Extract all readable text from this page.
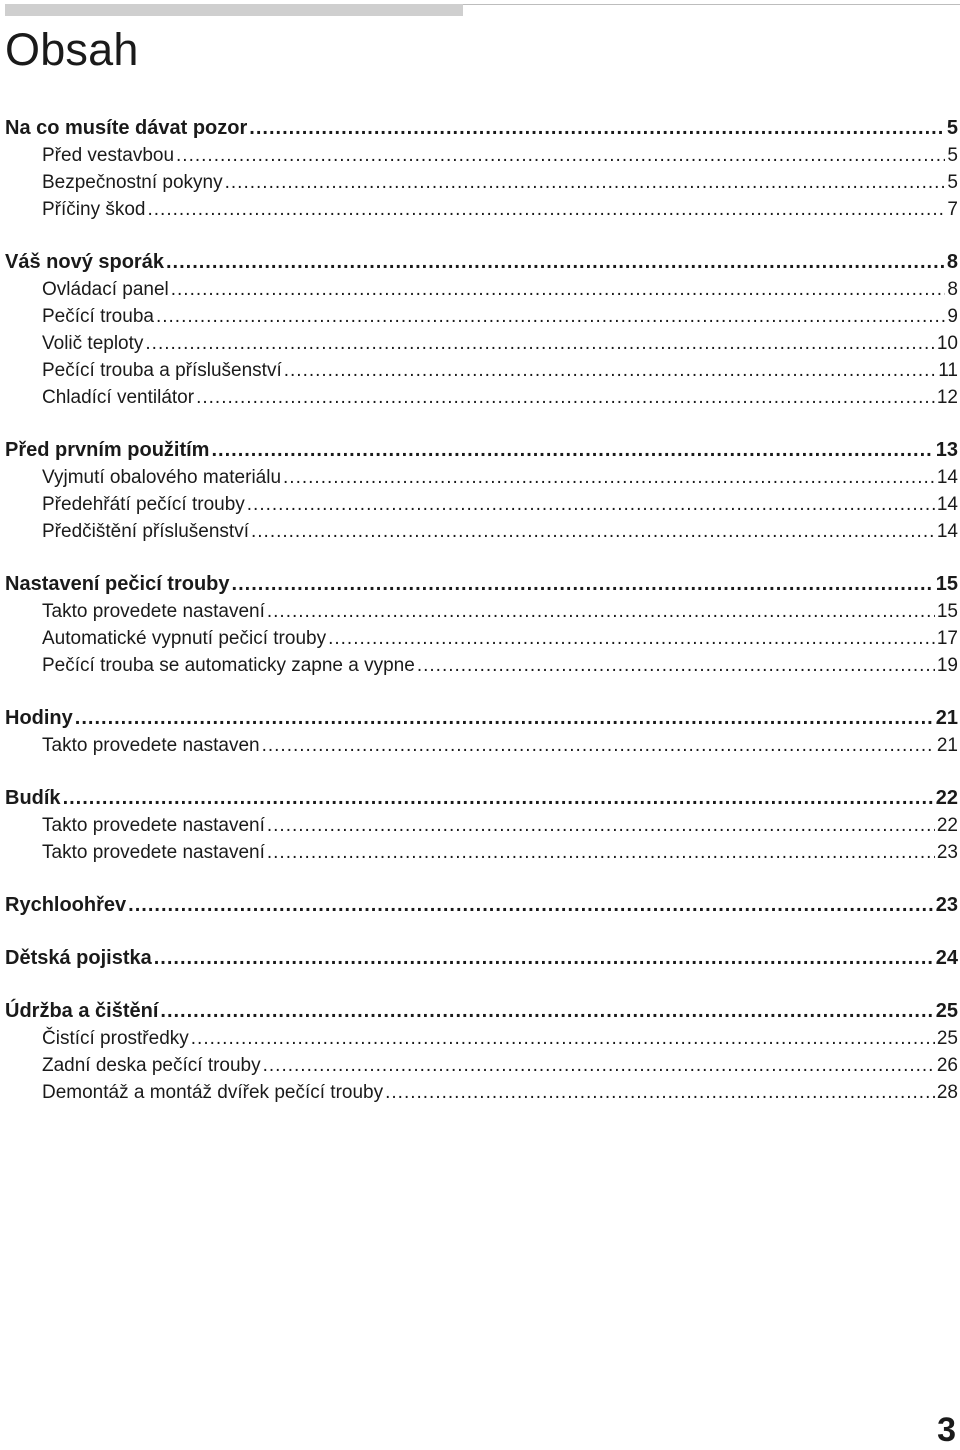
Obsah
Na co musíte dávat pozor .....	5
Před vestavbou .....	5
Bezpečnostní pokyny .....	5
Příčiny škod .....	7
Váš nový sporák .....	8
Ovládací panel .....	8
Pečící trouba .....	9
Volič teploty .....	10
Pečící trouba a příslušenství .....	11
Chladící ventilátor .....	12
Před prvním použitím .....	13
Vyjmutí obalového materiálu .....	14
Předehřátí pečící trouby .....	14
Předčištění příslušenství .....	14
Nastavení pečicí trouby .....	15
Takto provedete nastavení .....	15
Automatické vypnutí pečicí trouby .....	17
Pečící trouba se automaticky zapne a vypne .....	19
Hodiny .....	21
Takto provedete nastaven .....	21
Budík .....	22
Takto provedete nastavení .....	22
Takto provedete nastavení .....	23
Rychloohřev .....	23
Dětská pojistka .....	24
Údržba a čištění .....	25
Čistící prostředky .....	25
Zadní deska pečící trouby .....	26
Demontáž a montáž dvířek pečící trouby .....	28
3
